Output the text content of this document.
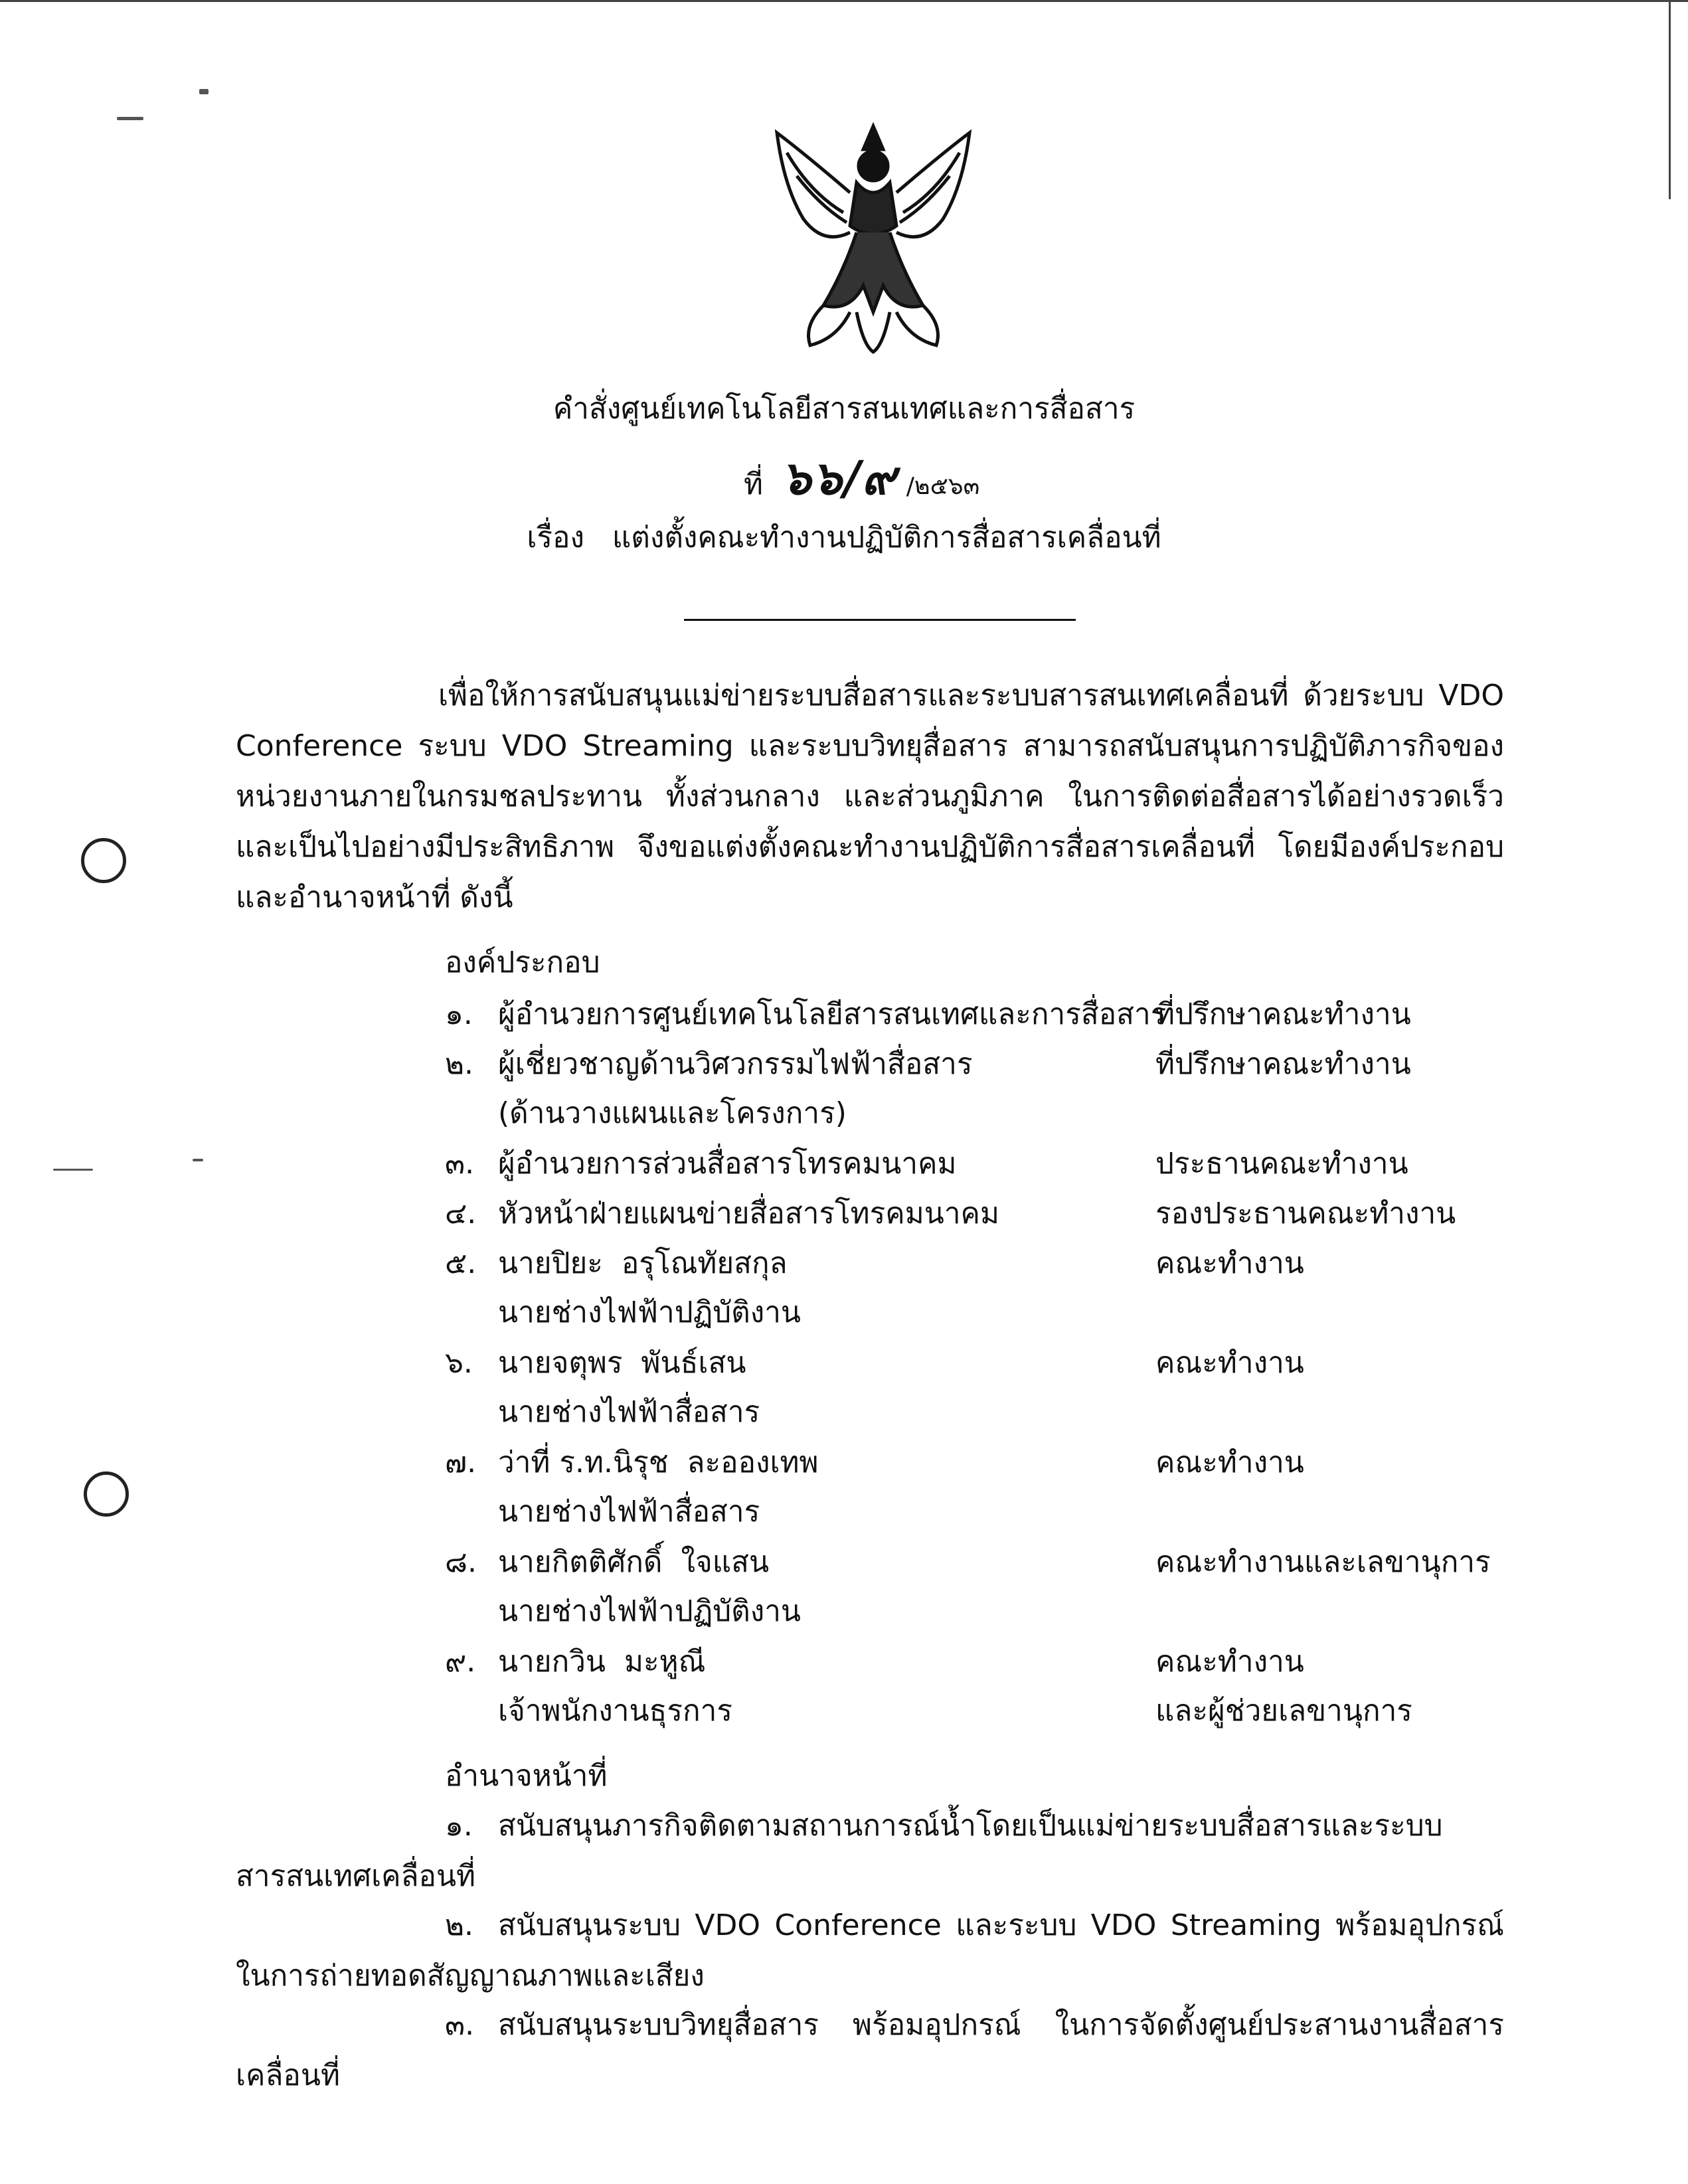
คำสั่งศูนย์เทคโนโลยีสารสนเทศและการสื่อสาร
ที่ ๖๖/๙ /๒๕๖๓
เรื่อง   แต่งตั้งคณะทำงานปฏิบัติการสื่อสารเคลื่อนที่

เพื่อให้การสนับสนุนแม่ข่ายระบบสื่อสารและระบบสารสนเทศเคลื่อนที่ ด้วยระบบ VDO Conference ระบบ VDO Streaming และระบบวิทยุสื่อสาร สามารถสนับสนุนการปฏิบัติภารกิจของหน่วยงานภายในกรมชลประทาน ทั้งส่วนกลาง และส่วนภูมิภาค ในการติดต่อสื่อสารได้อย่างรวดเร็ว และเป็นไปอย่างมีประสิทธิภาพ จึงขอแต่งตั้งคณะทำงานปฏิบัติการสื่อสารเคลื่อนที่ โดยมีองค์ประกอบและอำนาจหน้าที่ ดังนี้

องค์ประกอบ
๑. ผู้อำนวยการศูนย์เทคโนโลยีสารสนเทศและการสื่อสาร
ที่ปรึกษาคณะทำงาน
๒. ผู้เชี่ยวชาญด้านวิศวกรรมไฟฟ้าสื่อสาร
(ด้านวางแผนและโครงการ)
ที่ปรึกษาคณะทำงาน
๓. ผู้อำนวยการส่วนสื่อสารโทรคมนาคม	ประธานคณะทำงาน
๔. หัวหน้าฝ่ายแผนข่ายสื่อสารโทรคมนาคม	รองประธานคณะทำงาน
๕. นายปิยะ  อรุโณทัยสกุล
นายช่างไฟฟ้าปฏิบัติงาน
คณะทำงาน
๖. นายจตุพร  พันธ์เสน
นายช่างไฟฟ้าสื่อสาร
คณะทำงาน
๗. ว่าที่ ร.ท.นิรุช  ละอองเทพ
นายช่างไฟฟ้าสื่อสาร
คณะทำงาน
๘. นายกิตติศักดิ์  ใจแสน
นายช่างไฟฟ้าปฏิบัติงาน
คณะทำงานและเลขานุการ
๙. นายกวิน  มะหูณี
เจ้าพนักงานธุรการ
คณะทำงาน
และผู้ช่วยเลขานุการ
อำนาจหน้าที่
๑. สนับสนุนภารกิจติดตามสถานการณ์น้ำโดยเป็นแม่ข่ายระบบสื่อสารและระบบสารสนเทศเคลื่อนที่
๒. สนับสนุนระบบ VDO Conference และระบบ VDO Streaming พร้อมอุปกรณ์ ในการถ่ายทอดสัญญาณภาพและเสียง
๓. สนับสนุนระบบวิทยุสื่อสาร พร้อมอุปกรณ์ ในการจัดตั้งศูนย์ประสานงานสื่อสารเคลื่อนที่
